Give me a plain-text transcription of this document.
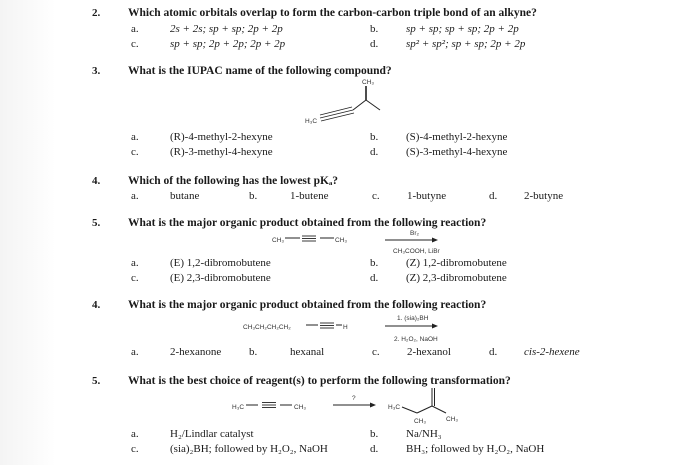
2. Which atomic orbitals overlap to form the carbon-carbon triple bond of an alkyne?
a.	2s + 2s; sp + sp; 2p + 2p	b.	sp + sp; sp + sp; 2p + 2p
c.	sp + sp; 2p + 2p; 2p + 2p	d.	sp² + sp²; sp + sp; 2p + 2p
3. What is the IUPAC name of the following compound?
CH₃
H₃C
a.	(R)-4-methyl-2-hexyne	b.	(S)-4-methyl-2-hexyne
c.	(R)-3-methyl-4-hexyne	d.	(S)-3-methyl-4-hexyne
4. Which of the following has the lowest pKₐ?
a.	butane	b.	1-butene	c. 1-butyne	d. 2-butyne
5. What is the major organic product obtained from the following reaction?
CH₃	CH₃
Br₂
CH₃COOH, LiBr
a.	(E) 1,2-dibromobutene	b.	(Z) 1,2-dibromobutene
c.	(E) 2,3-dibromobutene	d.	(Z) 2,3-dibromobutene
4. What is the major organic product obtained from the following reaction?
CH₃CH₂CH₂CH₂	H
1. (sia)₂BH
2. H₂O₂, NaOH
a.	2-hexanone	b.	hexanal	c. 2-hexanol	d. cis-2-hexene
5. What is the best choice of reagent(s) to perform the following transformation?
H₃C	CH₃
?
H₃C
CH₃	CH₃
a.	H₂/Lindlar catalyst	b.	Na/NH₃
c.	(sia)₂BH; followed by H₂O₂, NaOH	d.	BH₃; followed by H₂O₂, NaOH
